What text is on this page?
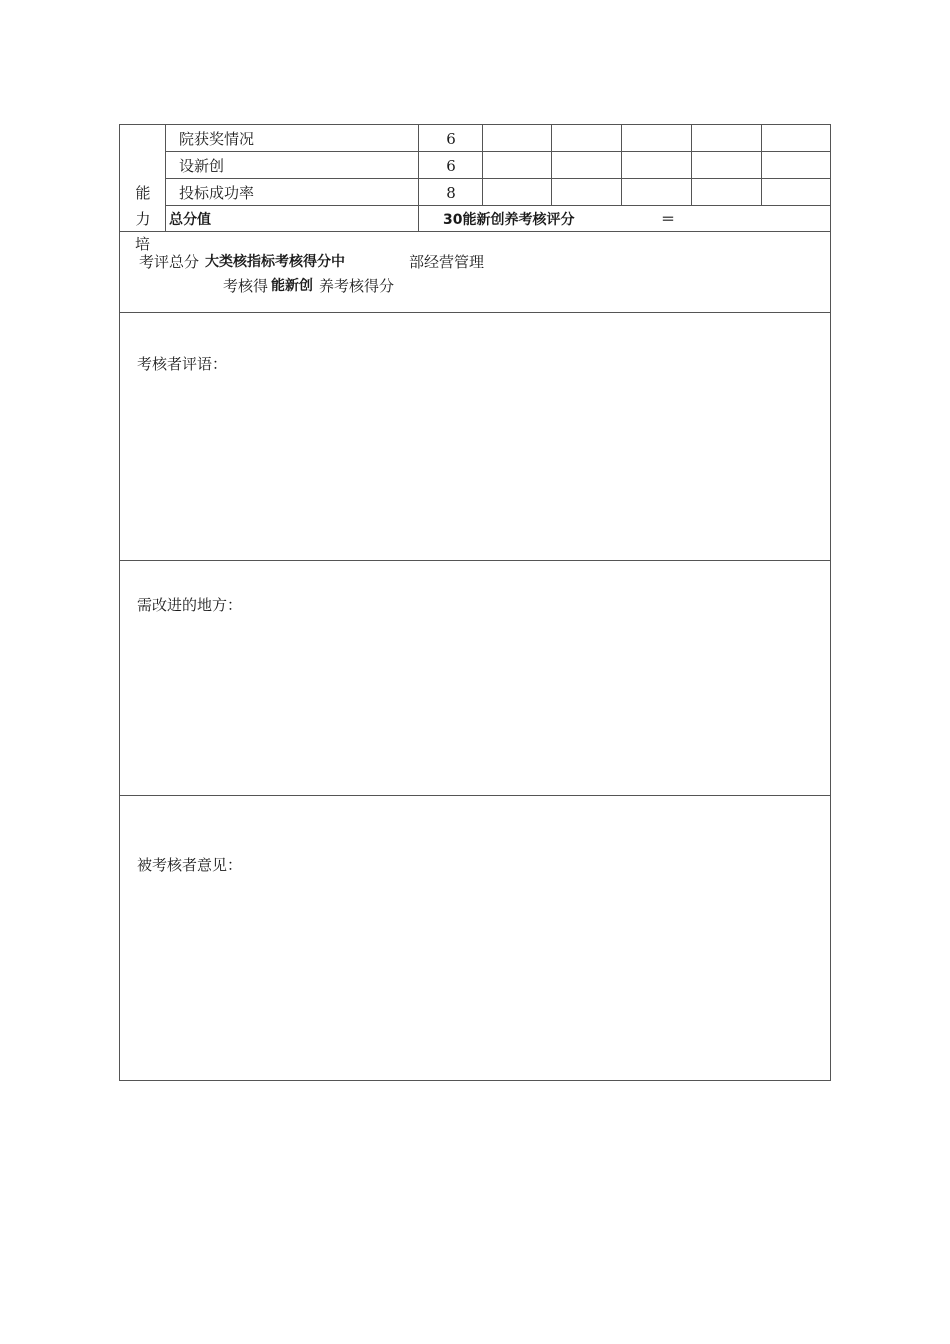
能
力
培
院获奖情况	6
设新创	6
投标成功率	8
总分值	30能新创养考核评分	＝
考评总分 大类核指标考核得分中	部经营管理
考核得 能新创 养考核得分
考核者评语：
需改进的地方：
被考核者意见：
